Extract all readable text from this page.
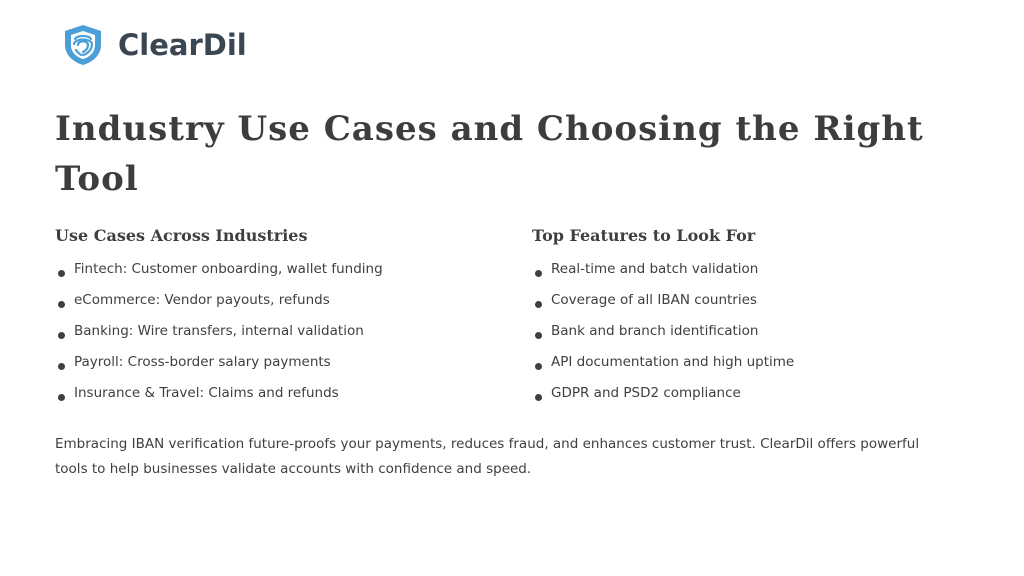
ClearDil
Industry Use Cases and Choosing the Right Tool
Use Cases Across Industries
Fintech: Customer onboarding, wallet funding
eCommerce: Vendor payouts, refunds
Banking: Wire transfers, internal validation
Payroll: Cross-border salary payments
Insurance & Travel: Claims and refunds
Top Features to Look For
Real-time and batch validation
Coverage of all IBAN countries
Bank and branch identification
API documentation and high uptime
GDPR and PSD2 compliance

Embracing IBAN verification future-proofs your payments, reduces fraud, and enhances customer trust. ClearDil offers powerful tools to help businesses validate accounts with confidence and speed.
